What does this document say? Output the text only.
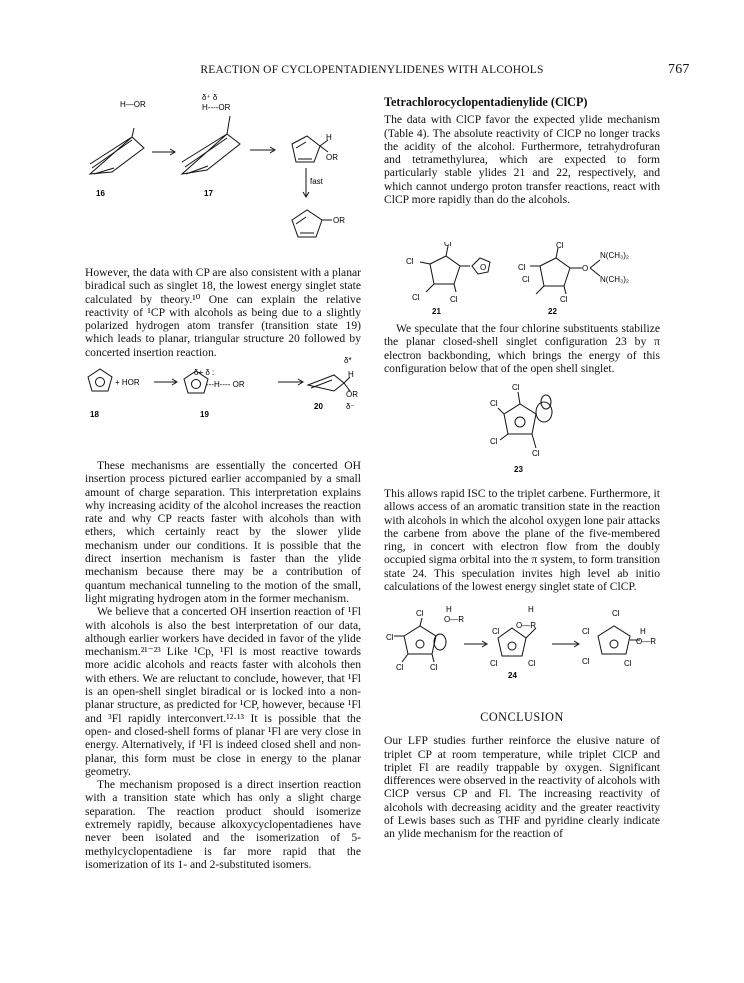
REACTION OF CYCLOPENTADIENYLIDENES WITH ALCOHOLS	767
H—OR
δ⁺ δ
H----OR
H
OR
fast
OR
16	17

However, the data with CP are also consistent with a planar biradical such as singlet 18, the lowest energy singlet state calculated by theory.¹⁰ One can explain the relative reactivity of ¹CP with alcohols as being due to a slightly polarized hydrogen atom transfer (transition state 19) which leads to planar, triangular structure 20 followed by concerted insertion reaction.

+ HOR
δ+ δ :
---H---- OR
δ*
H
ÖR
δ⁻
18	19
20

These mechanisms are essentially the concerted OH insertion process pictured earlier accompanied by a small amount of charge separation. This interpretation explains why increasing acidity of the alcohol increases the reaction rate and why CP reacts faster with alcohols than with ethers, which certainly react by the slower ylide mechanism under our conditions. It is possible that the direct insertion mechanism is faster than the ylide mechanism because there may be a contribution of quantum mechanical tunneling to the motion of the small, light migrating hydrogen atom in the former mechanism.

We believe that a concerted OH insertion reaction of ¹Fl with alcohols is also the best interpretation of our data, although earlier workers have decided in favor of the ylide mechanism.²¹⁻²³ Like ¹Cp, ¹Fl is most reactive towards more acidic alcohols and reacts faster with alcohols then with ethers. We are reluctant to conclude, however, that ¹Fl is an open-shell singlet biradical or is locked into a non-planar structure, as predicted for ¹CP, however, because ¹Fl and ³Fl rapidly interconvert.¹²·¹³ It is possible that the open- and closed-shell forms of planar ¹Fl are very close in energy. Alternatively, if ¹Fl is indeed closed shell and non-planar, this form must be close in energy to the planar geometry.

The mechanism proposed is a direct insertion reaction with a transition state which has only a slight charge separation. The reaction product should isomerize extremely rapidly, because alkoxycyclopentadienes have never been isolated and the isomerization of 5-methylcyclopentadiene is far more rapid that the isomerization of its 1- and 2-substituted isomers.

Tetrachlorocyclopentadienylide (ClCP)

The data with ClCP favor the expected ylide mechanism (Table 4). The absolute reactivity of ClCP no longer tracks the acidity of the alcohol. Furthermore, tetrahydrofuran and tetramethylurea, which are expected to form particularly stable ylides 21 and 22, respectively, and which cannot undergo proton transfer reactions, react with ClCP more rapidly than do the alcohols.

Cl
Cl
Cl	Cl
O
Cl
Cl
Cl
Cl
O
N(CH₃)₂
N(CH₃)₂
21	22

We speculate that the four chlorine substituents stabilize the planar closed-shell singlet configuration 23 by π electron backbonding, which brings the energy of this configuration below that of the open shell singlet.

Cl
Cl
Cl
Cl
23

This allows rapid ISC to the triplet carbene. Furthermore, it allows access of an aromatic transition state in the reaction with alcohols in which the alcohol oxygen lone pair attacks the carbene from above the plane of the five-membered ring, in concert with electron flow from the doubly occupied sigma orbital into the π system, to form transition state 24. This speculation invites high level ab initio calculations of the lowest energy singlet state of ClCP.

H
O—R
Cl
Cl
Cl	Cl
H
O—R
Cl
Cl	Cl
Cl
Cl
Cl	Cl
H
O—R
24

CONCLUSION

Our LFP studies further reinforce the elusive nature of triplet CP at room temperature, while triplet ClCP and triplet Fl are readily trappable by oxygen. Significant differences were observed in the reactivity of alcohols with ClCP versus CP and Fl. The increasing reactivity of alcohols with decreasing acidity and the greater reactivity of Lewis bases such as THF and pyridine clearly indicate an ylide mechanism for the reaction of
